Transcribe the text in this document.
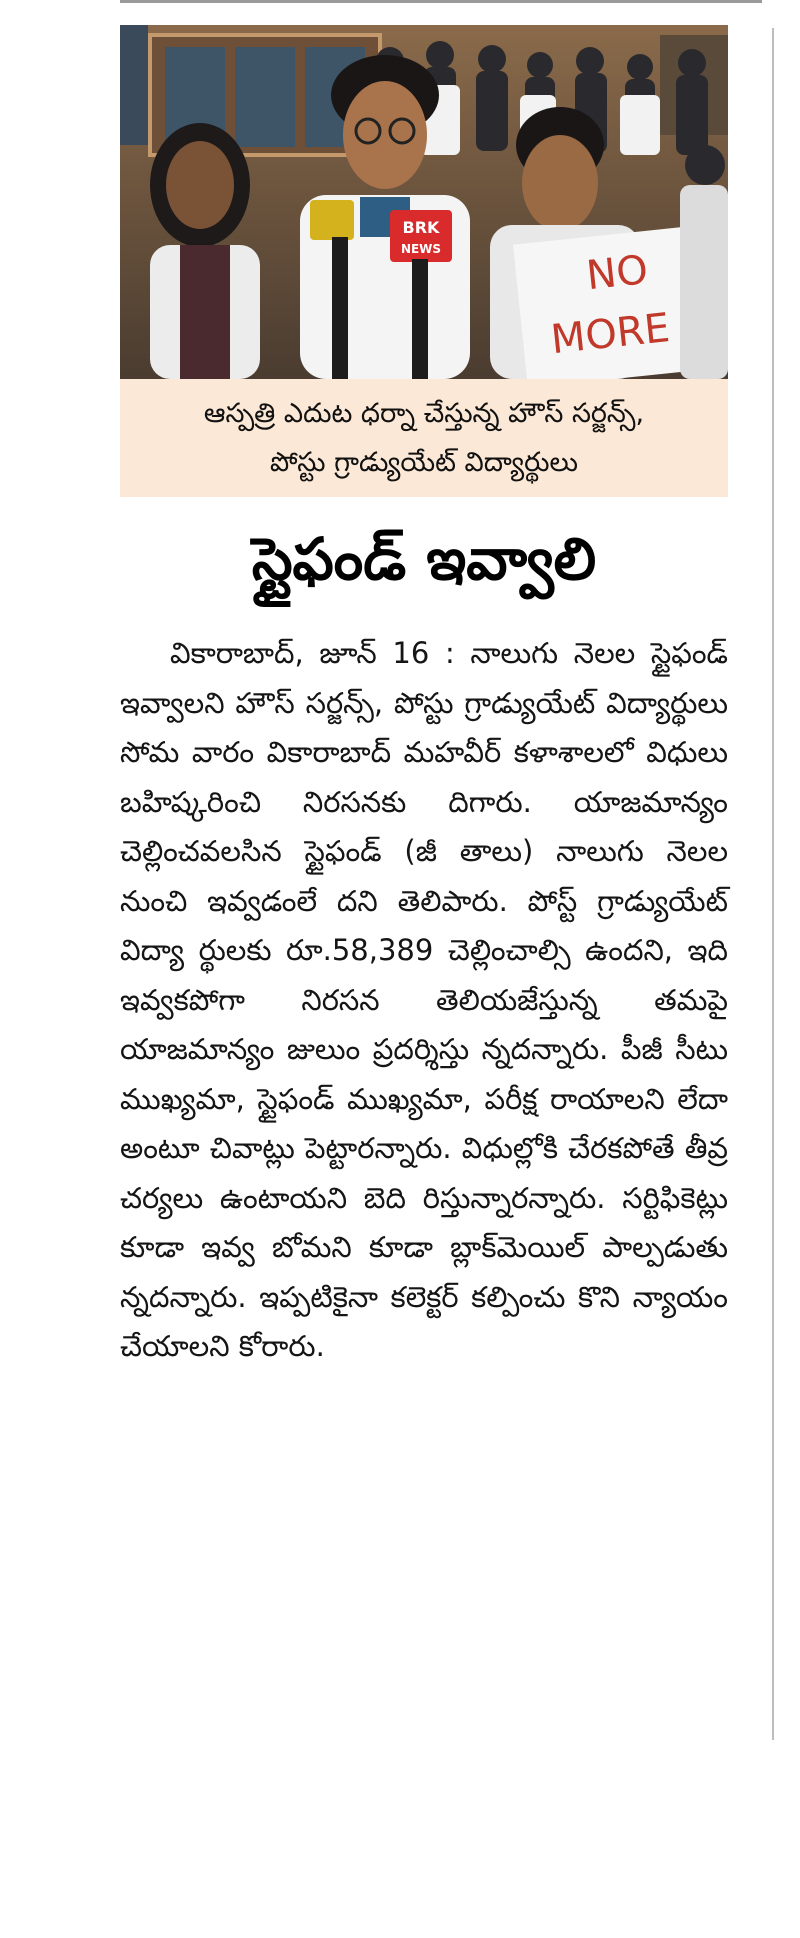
BRK
NEWS	NO
MORE

ఆస్పత్రి ఎదుట ధర్నా చేస్తున్న హౌస్ సర్జన్స్,

పోస్టు గ్రాడ్యుయేట్ విద్యార్థులు

స్టైఫండ్ ఇవ్వాలి

వికారాబాద్, జూన్ 16 : నాలుగు నెలల స్టైఫండ్ ఇవ్వాలని హౌస్ సర్జన్స్, పోస్టు గ్రాడ్యుయేట్ విద్యార్థులు సోమ వారం వికారాబాద్ మహవీర్ కళాశాలలో విధులు బహిష్కరించి నిరసనకు దిగారు. యాజమాన్యం చెల్లించవలసిన స్టైఫండ్ (జీ తాలు) నాలుగు నెలల నుంచి ఇవ్వడంలే దని తెలిపారు. పోస్ట్ గ్రాడ్యుయేట్ విద్యా ర్థులకు రూ.58,389 చెల్లించాల్సి ఉందని, ఇది ఇవ్వకపోగా నిరసన తెలియజేస్తున్న తమపై యాజమాన్యం జులుం ప్రదర్శిస్తు న్నదన్నారు. పీజీ సీటు ముఖ్యమా, స్టైఫండ్ ముఖ్యమా, పరీక్ష రాయాలని లేదా అంటూ చివాట్లు పెట్టారన్నారు. విధుల్లోకి చేరకపోతే తీవ్ర చర్యలు ఉంటాయని బెది రిస్తున్నారన్నారు. సర్టిఫికెట్లు కూడా ఇవ్వ బోమని కూడా బ్లాక్‌మెయిల్ పాల్పడుతు న్నదన్నారు. ఇప్పటికైనా కలెక్టర్ కల్పించు కొని న్యాయం చేయాలని కోరారు.
